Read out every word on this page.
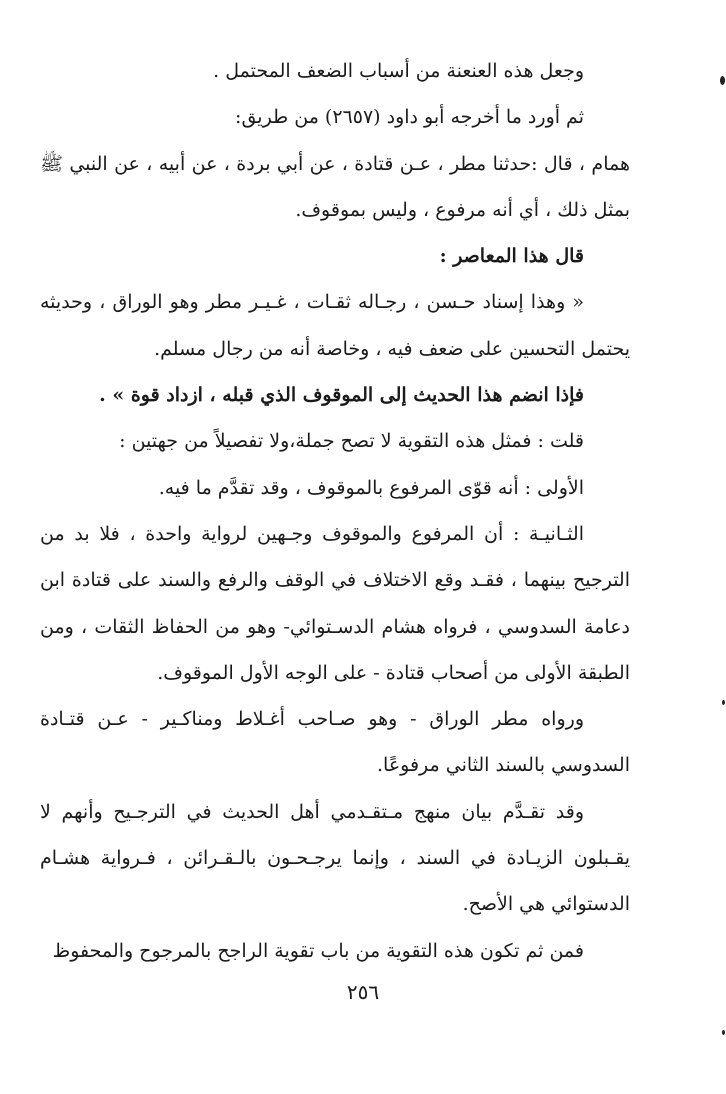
وجعل هذه العنعنة من أسباب الضعف المحتمل .

ثم أورد ما أخرجه أبو داود (٢٦٥٧) من طريق:

همام ، قال :حدثنا مطر ، عـن قتادة ، عن أبي بردة ، عن أبيه ، عن النبي ﷺ بمثل ذلك ، أي أنه مرفوع ، وليس بموقوف.

قال هذا المعاصر :

« وهذا إسناد حـسن ، رجـاله ثقـات ، غـيـر مطر وهو الوراق ، وحديثه يحتمل التحسين على ضعف فيه ، وخاصة أنه من رجال مسلم.

فإذا انضم هذا الحديث إلى الموقوف الذي قبله ، ازداد قوة » .

قلت : فمثل هذه التقوية لا تصح جملة،ولا تفصيلاً من جهتين :

الأولى : أنه قوّى المرفوع بالموقوف ، وقد تقدَّم ما فيه.

الثـانيـة : أن المرفوع والموقوف وجـهين لرواية واحدة ، فلا بد من الترجيح بينهما ، فقـد وقع الاختلاف في الوقف والرفع والسند على قتادة ابن دعامة السدوسي ، فرواه هشام الدسـتوائي- وهو من الحفاظ الثقات ، ومن الطبقة الأولى من أصحاب قتادة - على الوجه الأول الموقوف.

ورواه مطر الوراق - وهو صـاحب أغـلاط ومناكـير - عـن قتـادة السدوسي بالسند الثاني مرفوعًا.

وقد تقـدَّم بيان منهج مـتقـدمي أهل الحديث في الترجـيح وأنهم لا يقـبلون الزيـادة في السند ، وإنما يرجـحـون بالـقـرائن ، فـرواية هشـام الدستوائي هي الأصح.

فمن ثم تكون هذه التقوية من باب تقوية الراجح بالمرجوح والمحفوظ

٢٥٦
